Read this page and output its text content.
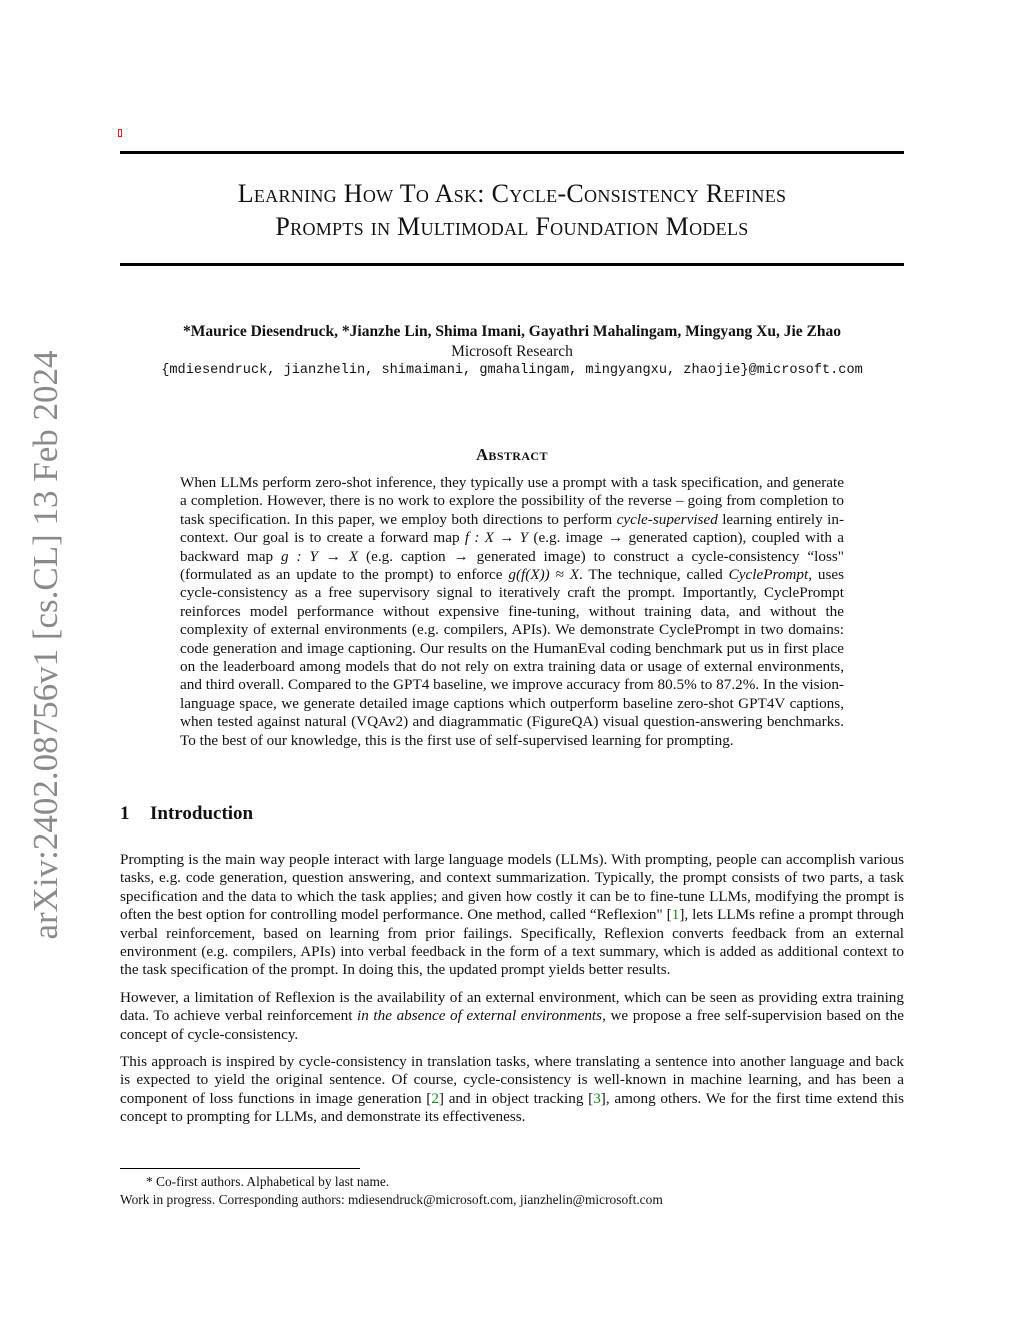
arXiv:2402.08756v1 [cs.CL] 13 Feb 2024
Learning How To Ask: Cycle-Consistency Refines
Prompts in Multimodal Foundation Models
*Maurice Diesendruck, *Jianzhe Lin, Shima Imani, Gayathri Mahalingam, Mingyang Xu, Jie Zhao
Microsoft Research
{mdiesendruck, jianzhelin, shimaimani, gmahalingam, mingyangxu, zhaojie}@microsoft.com
Abstract

When LLMs perform zero-shot inference, they typically use a prompt with a task specification, and generate a completion. However, there is no work to explore the possibility of the reverse – going from completion to task specification. In this paper, we employ both directions to perform cycle-supervised learning entirely in-context. Our goal is to create a forward map f : X → Y (e.g. image → generated caption), coupled with a backward map g : Y → X (e.g. caption → generated image) to construct a cycle-consistency “loss" (formulated as an update to the prompt) to enforce g(f(X)) ≈ X. The technique, called CyclePrompt, uses cycle-consistency as a free supervisory signal to iteratively craft the prompt. Importantly, CyclePrompt reinforces model performance without expensive fine-tuning, without training data, and without the complexity of external environments (e.g. compilers, APIs). We demonstrate CyclePrompt in two domains: code generation and image captioning. Our results on the HumanEval coding benchmark put us in first place on the leaderboard among models that do not rely on extra training data or usage of external environments, and third overall. Compared to the GPT4 baseline, we improve accuracy from 80.5% to 87.2%. In the vision-language space, we generate detailed image captions which outperform baseline zero-shot GPT4V captions, when tested against natural (VQAv2) and diagrammatic (FigureQA) visual question-answering benchmarks. To the best of our knowledge, this is the first use of self-supervised learning for prompting.

1 Introduction

Prompting is the main way people interact with large language models (LLMs). With prompting, people can accomplish various tasks, e.g. code generation, question answering, and context summarization. Typically, the prompt consists of two parts, a task specification and the data to which the task applies; and given how costly it can be to fine-tune LLMs, modifying the prompt is often the best option for controlling model performance. One method, called “Reflexion" [ 1 ] , lets LLMs refine a prompt through verbal reinforcement, based on learning from prior failings. Specifically, Reflexion converts feedback from an external environment (e.g. compilers, APIs) into verbal feedback in the form of a text summary, which is added as additional context to the task specification of the prompt. In doing this, the updated prompt yields better results.

However, a limitation of Reflexion is the availability of an external environment, which can be seen as providing extra training data. To achieve verbal reinforcement in the absence of external environments, we propose a free self-supervision based on the concept of cycle-consistency.

This approach is inspired by cycle-consistency in translation tasks, where translating a sentence into another language and back is expected to yield the original sentence. Of course, cycle-consistency is well-known in machine learning, and has been a component of loss functions in image generation [ 2 ] and in object tracking [ 3 ] , among others. We for the first time extend this concept to prompting for LLMs, and demonstrate its effectiveness.

* Co-first authors. Alphabetical by last name.
Work in progress. Corresponding authors: mdiesendruck@microsoft.com, jianzhelin@microsoft.com
